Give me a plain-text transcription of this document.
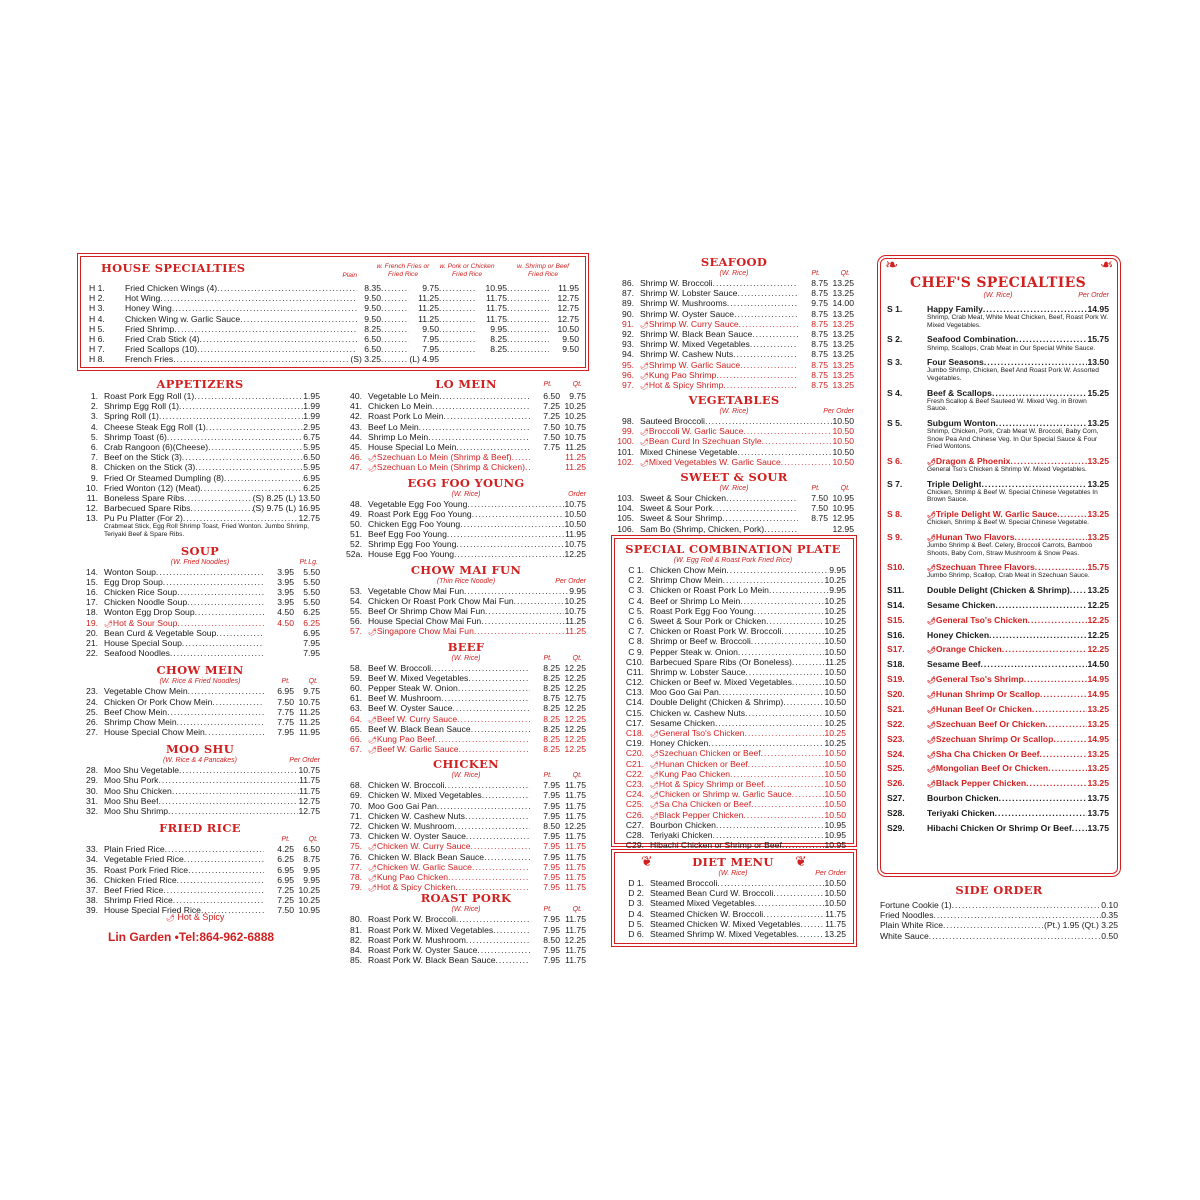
HOUSE SPECIALTIES
Plain
w. French Fries or Fried Rice
w. Pork or Chicken Fried Rice
w. Shrimp or Beef Fried Rice
H 1.	Fried Chicken Wings (4) .....	8.35 .....	9.75 .....	10.95 .....	11.95
H 2.	Hot Wing .....	9.50 .....	11.25 .....	11.75 .....	12.75
H 3.	Honey Wing .....	9.50 .....	11.25 .....	11.75 .....	12.75
H 4.	Chicken Wing w. Garlic Sauce .....	9.50 .....	11.25 .....	11.75 .....	12.75
H 5.	Fried Shrimp .....	8.25 .....	9.50 .....	9.95 .....	10.50
H 6.	Fried Crab Stick (4) .....	6.50 .....	7.95 .....	8.25 .....	9.50
H 7.	Fried Scallops (10) .....	6.50 .....	7.95 .....	8.25 .....	9.50
H 8.	French Fries .....	(S) 3.25 .....	(L) 4.95
APPETIZERS
1. Roast Pork Egg Roll (1) .....	1.95
2. Shrimp Egg Roll (1) .....	1.99
3. Spring Roll (1) .....	1.99
4. Cheese Steak Egg Roll (1) .....	2.95
5. Shrimp Toast (6) .....	6.75
6. Crab Rangoon (6)(Cheese) .....	5.95
7. Beef on the Stick (3) .....	6.50
8. Chicken on the Stick (3) .....	5.95
9. Fried Or Steamed Dumpling (8) .....	6.95
10. Fried Wonton (12) (Meat) .....	6.25
11. Boneless Spare Ribs .....	(S) 8.25 (L) 13.50
12. Barbecued Spare Ribs .....	(S) 9.75 (L) 16.95
13. Pu Pu Platter (For 2) .....	12.75
Crabmeat Stick, Egg Roll Shrimp Toast, Fried Wonton. Jumbo Shrimp, Teriyaki Beef & Spare Ribs.
SOUP
(W. Fried Noodles)	Pt. Lg.
14. Wonton Soup .....	3.95	5.50
15. Egg Drop Soup .....	3.95	5.50
16. Chicken Rice Soup .....	3.95	5.50
17. Chicken Noodle Soup .....	3.95	5.50
18. Wonton Egg Drop Soup .....	4.50	6.25
19. 🌶 Hot & Sour Soup .....	4.50	6.25
20. Bean Curd & Vegetable Soup .....	6.95
21. House Special Soup .....	7.95
22. Seafood Noodles .....	7.95
CHOW MEIN
(W. Rice & Fried Noodles)	Pt.	Qt.
23. Vegetable Chow Mein .....	6.95	9.75
24. Chicken Or Pork Chow Mein .....	7.50 10.75
25. Beef Chow Mein .....	7.75 11.25
26. Shrimp Chow Mein .....	7.75 11.25
27. House Special Chow Mein .....	7.95 11.95
MOO SHU
(W. Rice & 4 Pancakes)	Per Order
28. Moo Shu Vegetable .....	10.75
29. Moo Shu Pork .....	11.75
30. Moo Shu Chicken .....	11.75
31. Moo Shu Beef .....	12.75
32. Moo Shu Shrimp .....	12.75
FRIED RICE
Pt.	Qt.
33. Plain Fried Rice .....	4.25	6.50
34. Vegetable Fried Rice .....	6.25	8.75
35. Roast Pork Fried Rice .....	6.95	9.95
36. Chicken Fried Rice .....	6.95	9.95
37. Beef Fried Rice .....	7.25 10.25
38. Shrimp Fried Rice .....	7.25 10.25
39. House Special Fried Rice .....	7.50 10.95
LO MEIN
40. Vegetable Lo Mein .....	6.50	9.75
41. Chicken Lo Mein .....	7.25 10.25
42. Roast Pork Lo Mein .....	7.25 10.25
43. Beef Lo Mein .....	7.50 10.75
44. Shrimp Lo Mein .....	7.50 10.75
45. House Special Lo Mein .....	7.75 11.25
46. 🌶 Szechuan Lo Mein (Shrimp & Beef) .....	11.25
47. 🌶 Szechuan Lo Mein (Shrimp & Chicken) .....	11.25
Pt.	Qt.
EGG FOO YOUNG
(W. Rice)	Order
48. Vegetable Egg Foo Young .....	10.75
49. Roast Pork Egg Foo Young .....	10.50
50. Chicken Egg Foo Young .....	10.50
51. Beef Egg Foo Young .....	11.95
52. Shrimp Egg Foo Young .....	10.75
52a. House Egg Foo Young .....	12.25
CHOW MAI FUN
(Thin Rice Noodle)	Per Order
53. Vegetable Chow Mai Fun .....	9.95
54. Chicken Or Roast Pork Chow Mai Fun .....	10.25
55. Beef Or Shrimp Chow Mai Fun .....	10.75
56. House Special Chow Mai Fun .....	11.25
57. 🌶 Singapore Chow Mai Fun .....	11.25
BEEF
(W. Rice)	Pt.	Qt.
58. Beef W. Broccoli .....	8.25 12.25
59. Beef W. Mixed Vegetables .....	8.25 12.25
60. Pepper Steak W. Onion .....	8.25 12.25
61. Beef W. Mushroom .....	8.75 12.75
63. Beef W. Oyster Sauce .....	8.25 12.25
64. 🌶 Beef W. Curry Sauce .....	8.25 12.25
65. Beef W. Black Bean Sauce .....	8.25 12.25
66. 🌶 Kung Pao Beef .....	8.25 12.25
67. 🌶 Beef W. Garlic Sauce .....	8.25 12.25
CHICKEN
(W. Rice)	Pt.	Qt.
68. Chicken W. Broccoli .....	7.95 11.75
69. Chicken W. Mixed Vegetables .....	7.95 11.75
70. Moo Goo Gai Pan .....	7.95 11.75
71. Chicken W. Cashew Nuts .....	7.95 11.75
72. Chicken W. Mushroom .....	8.50 12.25
73. Chicken W. Oyster Sauce .....	7.95 11.75
75. 🌶 Chicken W. Curry Sauce .....	7.95 11.75
76. Chicken W. Black Bean Sauce .....	7.95 11.75
77. 🌶 Chicken W. Garlic Sauce .....	7.95 11.75
78. 🌶 Kung Pao Chicken .....	7.95 11.75
79. 🌶 Hot & Spicy Chicken .....	7.95 11.75
ROAST PORK
(W. Rice)	Pt.	Qt.
80. Roast Pork W. Broccoli .....	7.95 11.75
81. Roast Pork W. Mixed Vegetables .....	7.95 11.75
82. Roast Pork W. Mushroom .....	8.50 12.25
84. Roast Pork W. Oyster Sauce .....	7.95 11.75
85. Roast Pork W. Black Bean Sauce .....	7.95 11.75
SEAFOOD
(W. Rice)	Pt.	Qt.
86. Shrimp W. Broccoli .....	8.75 13.25
87. Shrimp W. Lobster Sauce .....	8.75 13.25
89. Shrimp W. Mushrooms .....	9.75 14.00
90. Shrimp W. Oyster Sauce .....	8.75 13.25
91. 🌶 Shrimp W. Curry Sauce .....	8.75 13.25
92. Shrimp W. Black Bean Sauce .....	8.75 13.25
93. Shrimp W. Mixed Vegetables .....	8.75 13.25
94. Shrimp W. Cashew Nuts .....	8.75 13.25
95. 🌶 Shrimp W. Garlic Sauce .....	8.75 13.25
96. 🌶 Kung Pao Shrimp .....	8.75 13.25
97. 🌶 Hot & Spicy Shrimp .....	8.75 13.25
VEGETABLES
(W. Rice)	Per Order
98. Sauteed Broccoli .....	10.50
99. 🌶 Broccoli W. Garlic Sauce .....	10.50
100. 🌶 Bean Curd In Szechuan Style .....	10.50
101. Mixed Chinese Vegetable .....	10.50
102. 🌶 Mixed Vegetables W. Garlic Sauce .....	10.50
SWEET & SOUR
(W. Rice)	Pt.	Qt.
103. Sweet & Sour Chicken .....	7.50 10.95
104. Sweet & Sour Pork .....	7.50 10.95
105. Sweet & Sour Shrimp .....	8.75 12.95
106. Sam Bo (Shrimp, Chicken, Pork) .....	12.95
SPECIAL COMBINATION PLATE
(W. Egg Roll & Roast Pork Fried Rice)
C 1. Chicken Chow Mein .....	9.95
C 2. Shrimp Chow Mein .....	10.25
C 3. Chicken or Roast Pork Lo Mein .....	9.95
C 4. Beef or Shrimp Lo Mein .....	10.25
C 5. Roast Pork Egg Foo Young .....	10.25
C 6. Sweet & Sour Pork or Chicken .....	10.25
C 7. Chicken or Roast Pork W. Broccoli .....	10.25
C 8. Shrimp or Beef w. Broccoli .....	10.50
C 9. Pepper Steak w. Onion .....	10.50
C10. Barbecued Spare Ribs (Or Boneless) .....	11.25
C11. Shrimp w. Lobster Sauce .....	10.50
C12. Chicken or Beef w. Mixed Vegetables .....	10.50
C13. Moo Goo Gai Pan .....	10.50
C14. Double Delight (Chicken & Shrimp) .....	10.50
C15. Chicken w. Cashew Nuts .....	10.50
C17. Sesame Chicken .....	10.25
C18. 🌶 General Tso's Chicken .....	10.25
C19. Honey Chicken .....	10.25
C20. 🌶 Szechuan Chicken or Beef .....	10.50
C21. 🌶 Hunan Chicken or Beef .....	10.50
C22. 🌶 Kung Pao Chicken .....	10.50
C23. 🌶 Hot & Spicy Shrimp or Beef .....	10.50
C24. 🌶 Chicken or Shrimp w. Garlic Sauce .....	10.50
C25. 🌶 Sa Cha Chicken or Beef .....	10.50
C26. 🌶 Black Pepper Chicken .....	10.50
C27. Bourbon Chicken .....	10.95
C28. Teriyaki Chicken .....	10.95
C29. Hibachi Chicken or Shrimp or Beef .....	10.95
❦	❦
DIET MENU
(W. Rice)	Per Order
D 1. Steamed Broccoli .....	10.50
D 2. Steamed Bean Curd W. Broccoli .....	10.50
D 3. Steamed Mixed Vegetables .....	10.50
D 4. Steamed Chicken W. Broccoli .....	11.75
D 5. Steamed Chicken W. Mixed Vegetables .....	11.75
D 6. Steamed Shrimp W. Mixed Vegetables .....	13.25
❧	❧
CHEF'S SPECIALTIES
(W. Rice)	Per Order
S 1.	Happy Family .....	14.95
Shrimp, Crab Meat, White Meat Chicken, Beef, Roast Pork W. Mixed Vegetables.
S 2.	Seafood Combination .....	15.75
Shrimp, Scallops, Crab Meat in Our Special White Sauce.
S 3.	Four Seasons .....	13.50
Jumbo Shrimp, Chicken, Beef And Roast Pork W. Assorted Vegetables.
S 4.	Beef & Scallops .....	15.25
Fresh Scallop & Beef Sauteed W. Mixed Veg. in Brown Sauce.
S 5.	Subgum Wonton .....	13.25
Shrimp, Chicken, Pork, Crab Meat W. Broccoli, Baby Corn, Snow Pea And Chinese Veg. In Our Special Sauce & Four Fried Wontons.
S 6.	🌶 Dragon & Phoenix .....	13.25
General Tso's Chicken & Shrimp W. Mixed Vegetables.
S 7.	Triple Delight .....	13.25
Chicken, Shrimp & Beef W. Special Chinese Vegetables In Brown Sauce.
S 8.	🌶 Triple Delight W. Garlic Sauce .....	13.25
Chicken, Shrimp & Beef W. Special Chinese Vegetable.
S 9.	🌶 Hunan Two Flavors .....	13.25
Jumbo Shrimp & Beef. Celery, Broccoli Carrots, Bamboo Shoots, Baby Corn, Straw Mushroom & Snow Peas.
S10.	🌶 Szechuan Three Flavors .....	15.75
Jumbo Shrimp, Scallop, Crab Meat in Szechuan Sauce.
S11.	Double Delight (Chicken & Shrimp) ..... 13.25
S14.	Sesame Chicken .....	12.25
S15.	🌶 General Tso's Chicken .....	12.25
S16.	Honey Chicken .....	12.25
S17.	🌶 Orange Chicken .....	12.25
S18.	Sesame Beef .....	14.50
S19.	🌶 General Tso's Shrimp .....	14.95
S20.	🌶 Hunan Shrimp Or Scallop .....	14.95
S21.	🌶 Hunan Beef Or Chicken .....	13.25
S22.	🌶 Szechuan Beef Or Chicken .....	13.25
S23.	🌶 Szechuan Shrimp Or Scallop .....	14.95
S24.	🌶 Sha Cha Chicken Or Beef .....	13.25
S25.	🌶 Mongolian Beef Or Chicken .....	13.25
S26.	🌶 Black Pepper Chicken .....	13.25
S27.	Bourbon Chicken .....	13.75
S28.	Teriyaki Chicken .....	13.75
S29.	Hibachi Chicken Or Shrimp Or Beef ..... 13.75
SIDE ORDER
Fortune Cookie (1) .....	0.10
Fried Noodles .....	0.35
Plain White Rice .....	(Pt.) 1.95 (Qt.) 3.25
White Sauce .....	0.50
🌶 Hot & Spicy
Lin Garden •Tel:864-962-6888
